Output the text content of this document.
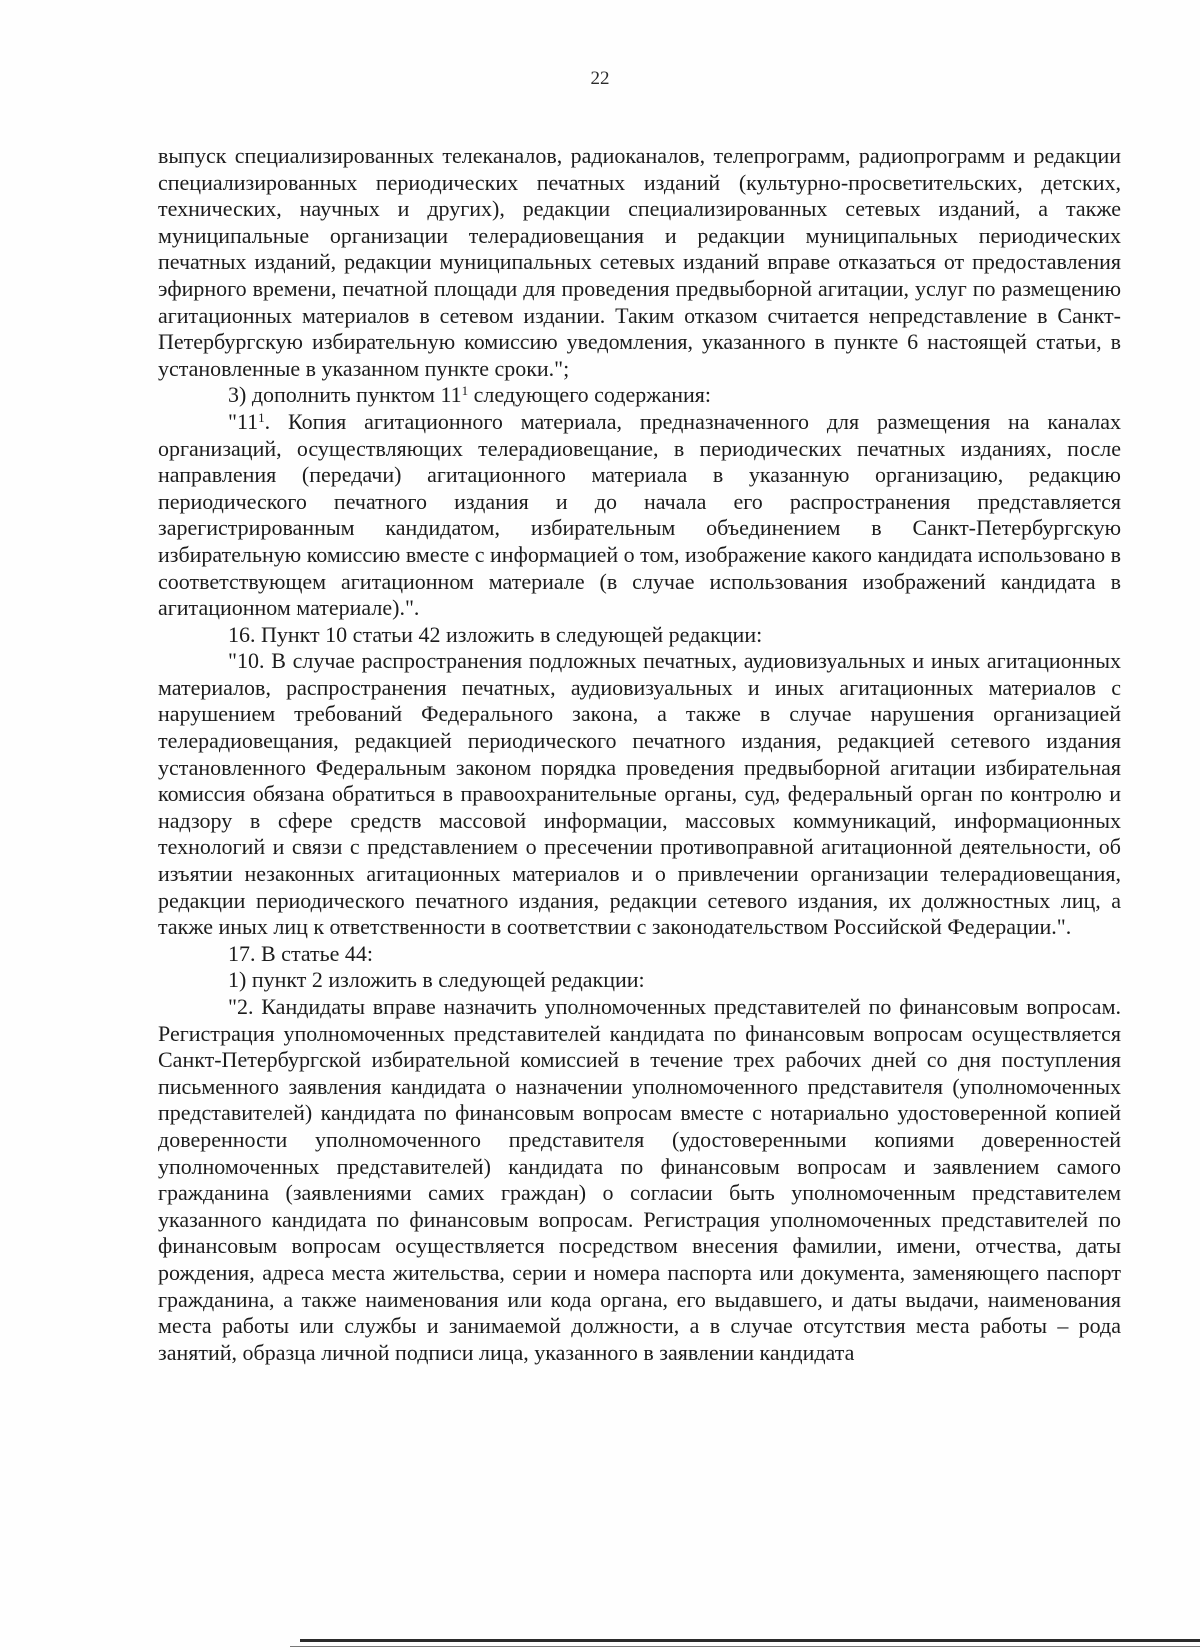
22

выпуск специализированных телеканалов, радиоканалов, телепрограмм, радиопрограмм и редакции специализированных периодических печатных изданий (культурно-просветительских, детских, технических, научных и других), редакции специализированных сетевых изданий, а также муниципальные организации телерадиовещания и редакции муниципальных периодических печатных изданий, редакции муниципальных сетевых изданий вправе отказаться от предоставления эфирного времени, печатной площади для проведения предвыборной агитации, услуг по размещению агитационных материалов в сетевом издании. Таким отказом считается непредставление в Санкт-Петербургскую избирательную комиссию уведомления, указанного в пункте 6 настоящей статьи, в установленные в указанном пункте сроки.";

3) дополнить пунктом $11^1$ следующего содержания:

"$11^1$. Копия агитационного материала, предназначенного для размещения на каналах организаций, осуществляющих телерадиовещание, в периодических печатных изданиях, после направления (передачи) агитационного материала в указанную организацию, редакцию периодического печатного издания и до начала его распространения представляется зарегистрированным кандидатом, избирательным объединением в Санкт-Петербургскую избирательную комиссию вместе с информацией о том, изображение какого кандидата использовано в соответствующем агитационном материале (в случае использования изображений кандидата в агитационном материале).".

16. Пункт 10 статьи 42 изложить в следующей редакции:

"10. В случае распространения подложных печатных, аудиовизуальных и иных агитационных материалов, распространения печатных, аудиовизуальных и иных агитационных материалов с нарушением требований Федерального закона, а также в случае нарушения организацией телерадиовещания, редакцией периодического печатного издания, редакцией сетевого издания установленного Федеральным законом порядка проведения предвыборной агитации избирательная комиссия обязана обратиться в правоохранительные органы, суд, федеральный орган по контролю и надзору в сфере средств массовой информации, массовых коммуникаций, информационных технологий и связи с представлением о пресечении противоправной агитационной деятельности, об изъятии незаконных агитационных материалов и о привлечении организации телерадиовещания, редакции периодического печатного издания, редакции сетевого издания, их должностных лиц, а также иных лиц к ответственности в соответствии с законодательством Российской Федерации.".

17. В статье 44:

1) пункт 2 изложить в следующей редакции:

"2. Кандидаты вправе назначить уполномоченных представителей по финансовым вопросам. Регистрация уполномоченных представителей кандидата по финансовым вопросам осуществляется Санкт-Петербургской избирательной комиссией в течение трех рабочих дней со дня поступления письменного заявления кандидата о назначении уполномоченного представителя (уполномоченных представителей) кандидата по финансовым вопросам вместе с нотариально удостоверенной копией доверенности уполномоченного представителя (удостоверенными копиями доверенностей уполномоченных представителей) кандидата по финансовым вопросам и заявлением самого гражданина (заявлениями самих граждан) о согласии быть уполномоченным представителем указанного кандидата по финансовым вопросам. Регистрация уполномоченных представителей по финансовым вопросам осуществляется посредством внесения фамилии, имени, отчества, даты рождения, адреса места жительства, серии и номера паспорта или документа, заменяющего паспорт гражданина, а также наименования или кода органа, его выдавшего, и даты выдачи, наименования места работы или службы и занимаемой должности, а в случае отсутствия места работы – рода занятий, образца личной подписи лица, указанного в заявлении кандидата
